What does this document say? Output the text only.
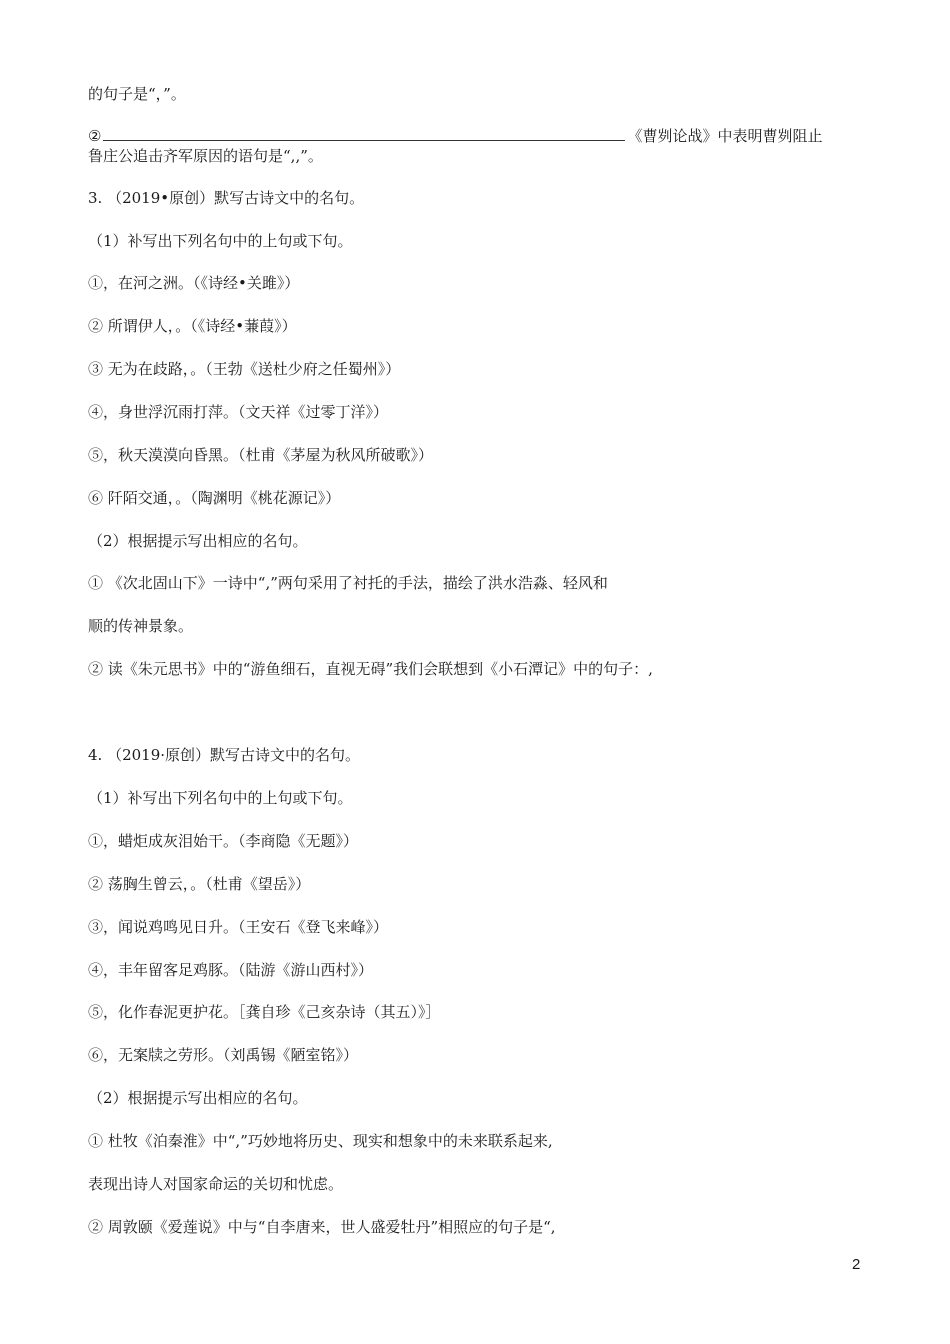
的句子是“，”。
②	《曹刿论战》中表明曹刿阻止
鲁庄公追击齐军原因的语句是“,,”。
3. （2019•原创）默写古诗文中的名句。
（1）补写出下列名句中的上句或下句。
①，在河之洲。（《诗经•关雎》）
② 所谓伊人，。（《诗经•蒹葭》）
③ 无为在歧路，。（王勃《送杜少府之任蜀州》）
④，身世浮沉雨打萍。（文天祥《过零丁洋》）
⑤，秋天漠漠向昏黑。（杜甫《茅屋为秋风所破歌》）
⑥ 阡陌交通，。（陶渊明《桃花源记》）
（2）根据提示写出相应的名句。
① 《次北固山下》一诗中“,”两句采用了衬托的手法，描绘了洪水浩淼、轻风和
顺的传神景象。
② 读《朱元思书》中的“游鱼细石，直视无碍”我们会联想到《小石潭记》中的句子：,
4. （2019·原创）默写古诗文中的名句。
（1）补写出下列名句中的上句或下句。
①，蜡炬成灰泪始干。（李商隐《无题》）
② 荡胸生曾云，。（杜甫《望岳》）
③，闻说鸡鸣见日升。（王安石《登飞来峰》）
④，丰年留客足鸡豚。（陆游《游山西村》）
⑤，化作春泥更护花。［龚自珍《己亥杂诗（其五）》］
⑥，无案牍之劳形。（刘禹锡《陋室铭》）
（2）根据提示写出相应的名句。
① 杜牧《泊秦淮》中“,”巧妙地将历史、现实和想象中的未来联系起来,
表现出诗人对国家命运的关切和忧虑。
② 周敦颐《爱莲说》中与“自李唐来，世人盛爱牡丹”相照应的句子是“,
2
